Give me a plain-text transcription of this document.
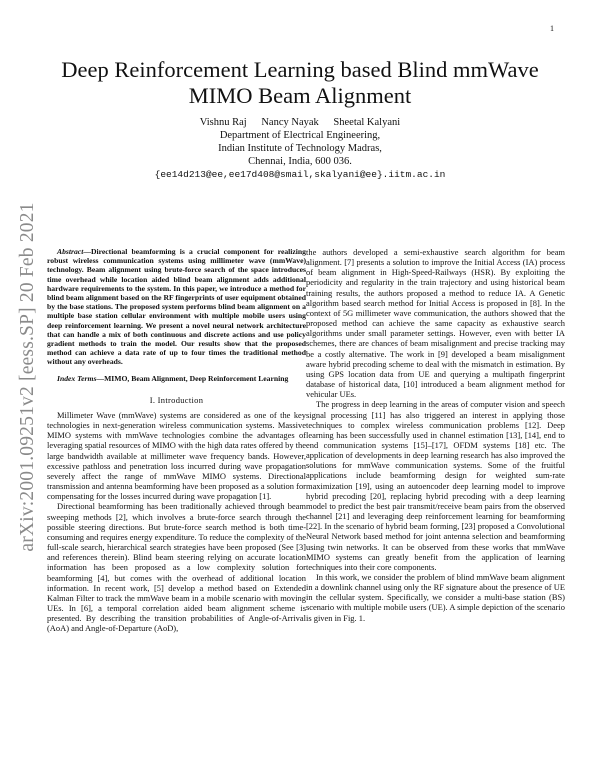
1
arXiv:2001.09251v2 [eess.SP] 20 Feb 2021
Deep Reinforcement Learning based Blind mmWave MIMO Beam Alignment
Vishnu Raj Nancy Nayak Sheetal Kalyani
Department of Electrical Engineering,
Indian Institute of Technology Madras,
Chennai, India, 600 036.
{ee14d213@ee,ee17d408@smail,skalyani@ee}.iitm.ac.in

Abstract—Directional beamforming is a crucial component for realizing robust wireless communication systems using millimeter wave (mmWave) technology. Beam alignment using brute-force search of the space introduces time overhead while location aided blind beam alignment adds additional hardware requirements to the system. In this paper, we introduce a method for blind beam alignment based on the RF fingerprints of user equipment obtained by the base stations. The proposed system performs blind beam alignment on a multiple base station cellular environment with multiple mobile users using deep reinforcement learning. We present a novel neural network architecture that can handle a mix of both continuous and discrete actions and use policy gradient methods to train the model. Our results show that the proposed method can achieve a data rate of up to four times the traditional method without any overheads.

Index Terms—MIMO, Beam Alignment, Deep Reinforcement Learning

I. Introduction

Millimeter Wave (mmWave) systems are considered as one of the key technologies in next-generation wireless communication systems. Massive MIMO systems with mmWave technologies combine the advantages of leveraging spatial resources of MIMO with the high data rates offered by the large bandwidth available at millimeter wave frequency bands. However, excessive pathloss and penetration loss incurred during wave propagation severely affect the range of mmWave MIMO systems. Directional transmission and antenna beamforming have been proposed as a solution for compensating for the losses incurred during wave propagation [1].

Directional beamforming has been traditionally achieved through beam sweeping methods [2], which involves a brute-force search through the possible steering directions. But brute-force search method is both time-consuming and requires energy expenditure. To reduce the complexity of the full-scale search, hierarchical search strategies have been proposed (See [3] and references therein). Blind beam steering relying on accurate location information has been proposed as a low complexity solution for beamforming [4], but comes with the overhead of additional location information. In recent work, [5] develop a method based on Extended Kalman Filter to track the mmWave beam in a mobile scenario with moving UEs. In [6], a temporal correlation aided beam alignment scheme is presented. By describing the transition probabilities of Angle-of-Arrival (AoA) and Angle-of-Departure (AoD),

the authors developed a semi-exhaustive search algorithm for beam alignment. [7] presents a solution to improve the Initial Access (IA) process of beam alignment in High-Speed-Railways (HSR). By exploiting the periodicity and regularity in the train trajectory and using historical beam training results, the authors proposed a method to reduce IA. A Genetic algorithm based search method for Initial Access is proposed in [8]. In the context of 5G millimeter wave communication, the authors showed that the proposed method can achieve the same capacity as exhaustive search algorithms under small parameter settings. However, even with better IA schemes, there are chances of beam misalignment and precise tracking may be a costly alternative. The work in [9] developed a beam misalignment aware hybrid precoding scheme to deal with the mismatch in estimation. By using GPS location data from UE and querying a multipath fingerprint database of historical data, [10] introduced a beam alignment method for vehicular UEs.

The progress in deep learning in the areas of computer vision and speech signal processing [11] has also triggered an interest in applying those techniques to complex wireless communication problems [12]. Deep learning has been successfully used in channel estimation [13], [14], end to end communication systems [15]–[17], OFDM systems [18] etc. The application of developments in deep learning research has also improved the solutions for mmWave communication systems. Some of the fruitful applications include beamforming design for weighted sum-rate maximization [19], using an autoencoder deep learning model to improve hybrid precoding [20], replacing hybrid precoding with a deep learning model to predict the best pair transmit/receive beam pairs from the observed channel [21] and leveraging deep reinforcement learning for beamforming [22]. In the scenario of hybrid beam forming, [23] proposed a Convolutional Neural Network based method for joint antenna selection and beamforming using twin networks. It can be observed from these works that mmWave MIMO systems can greatly benefit from the application of learning techniques into their core components.

In this work, we consider the problem of blind mmWave beam alignment in a downlink channel using only the RF signature about the presence of UE in the cellular system. Specifically, we consider a multi-base station (BS) scenario with multiple mobile users (UE). A simple depiction of the scenario is given in Fig. 1.
